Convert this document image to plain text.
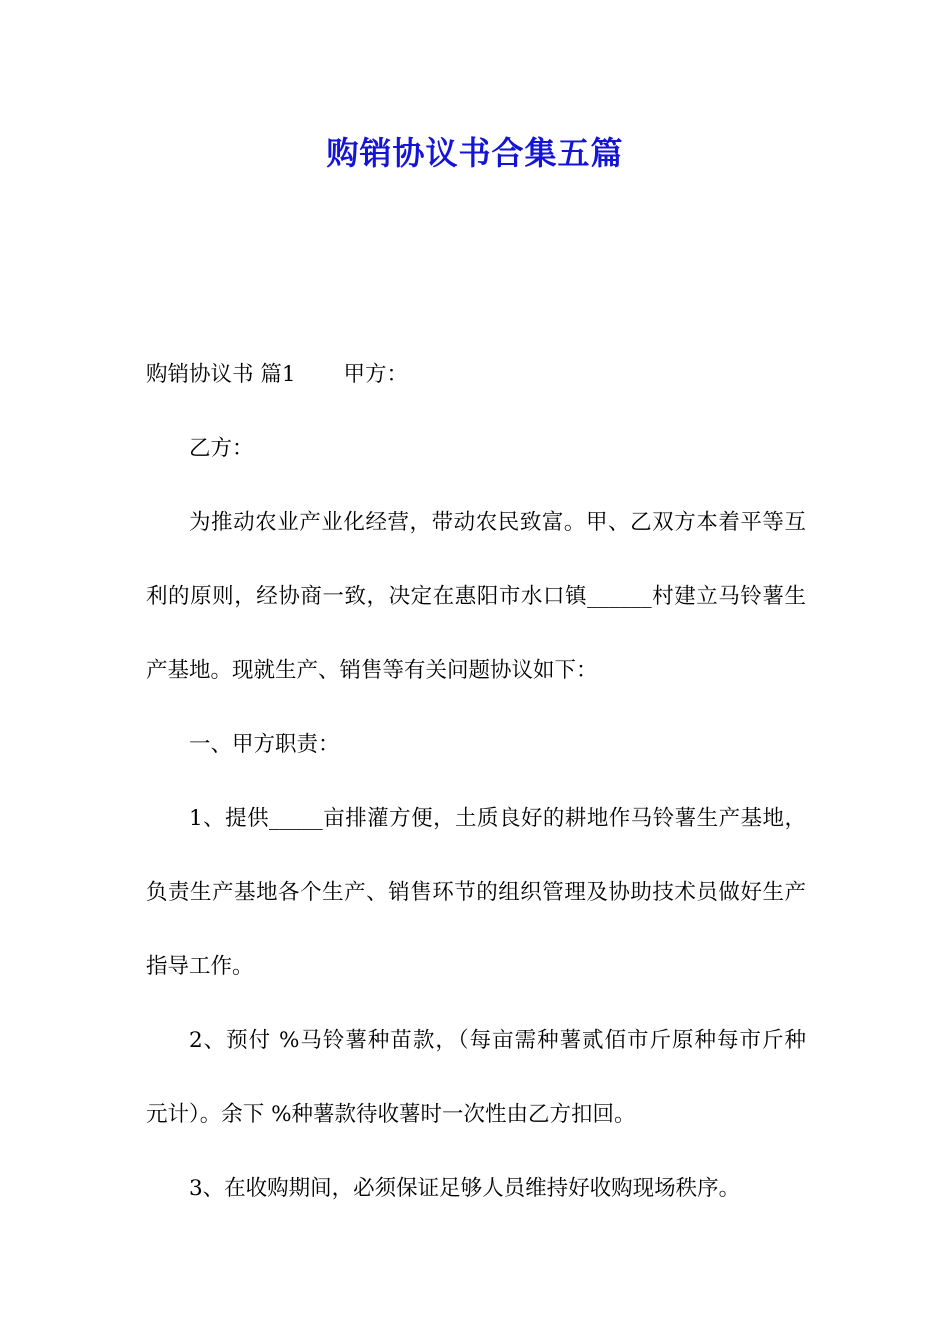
购销协议书合集五篇

购销协议书 篇1 甲方：

乙方：

为推动农业产业化经营，带动农民致富。甲、乙双方本着平等互利的原则，经协商一致，决定在惠阳市水口镇______村建立马铃薯生产基地。现就生产、销售等有关问题协议如下：

一、甲方职责：

1、提供_____亩排灌方便，土质良好的耕地作马铃薯生产基地，负责生产基地各个生产、销售环节的组织管理及协助技术员做好生产指导工作。

2、预付 %马铃薯种苗款，（每亩需种薯贰佰市斤原种每市斤种 元计）。余下 %种薯款待收薯时一次性由乙方扣回。

3、在收购期间，必须保证足够人员维持好收购现场秩序。
